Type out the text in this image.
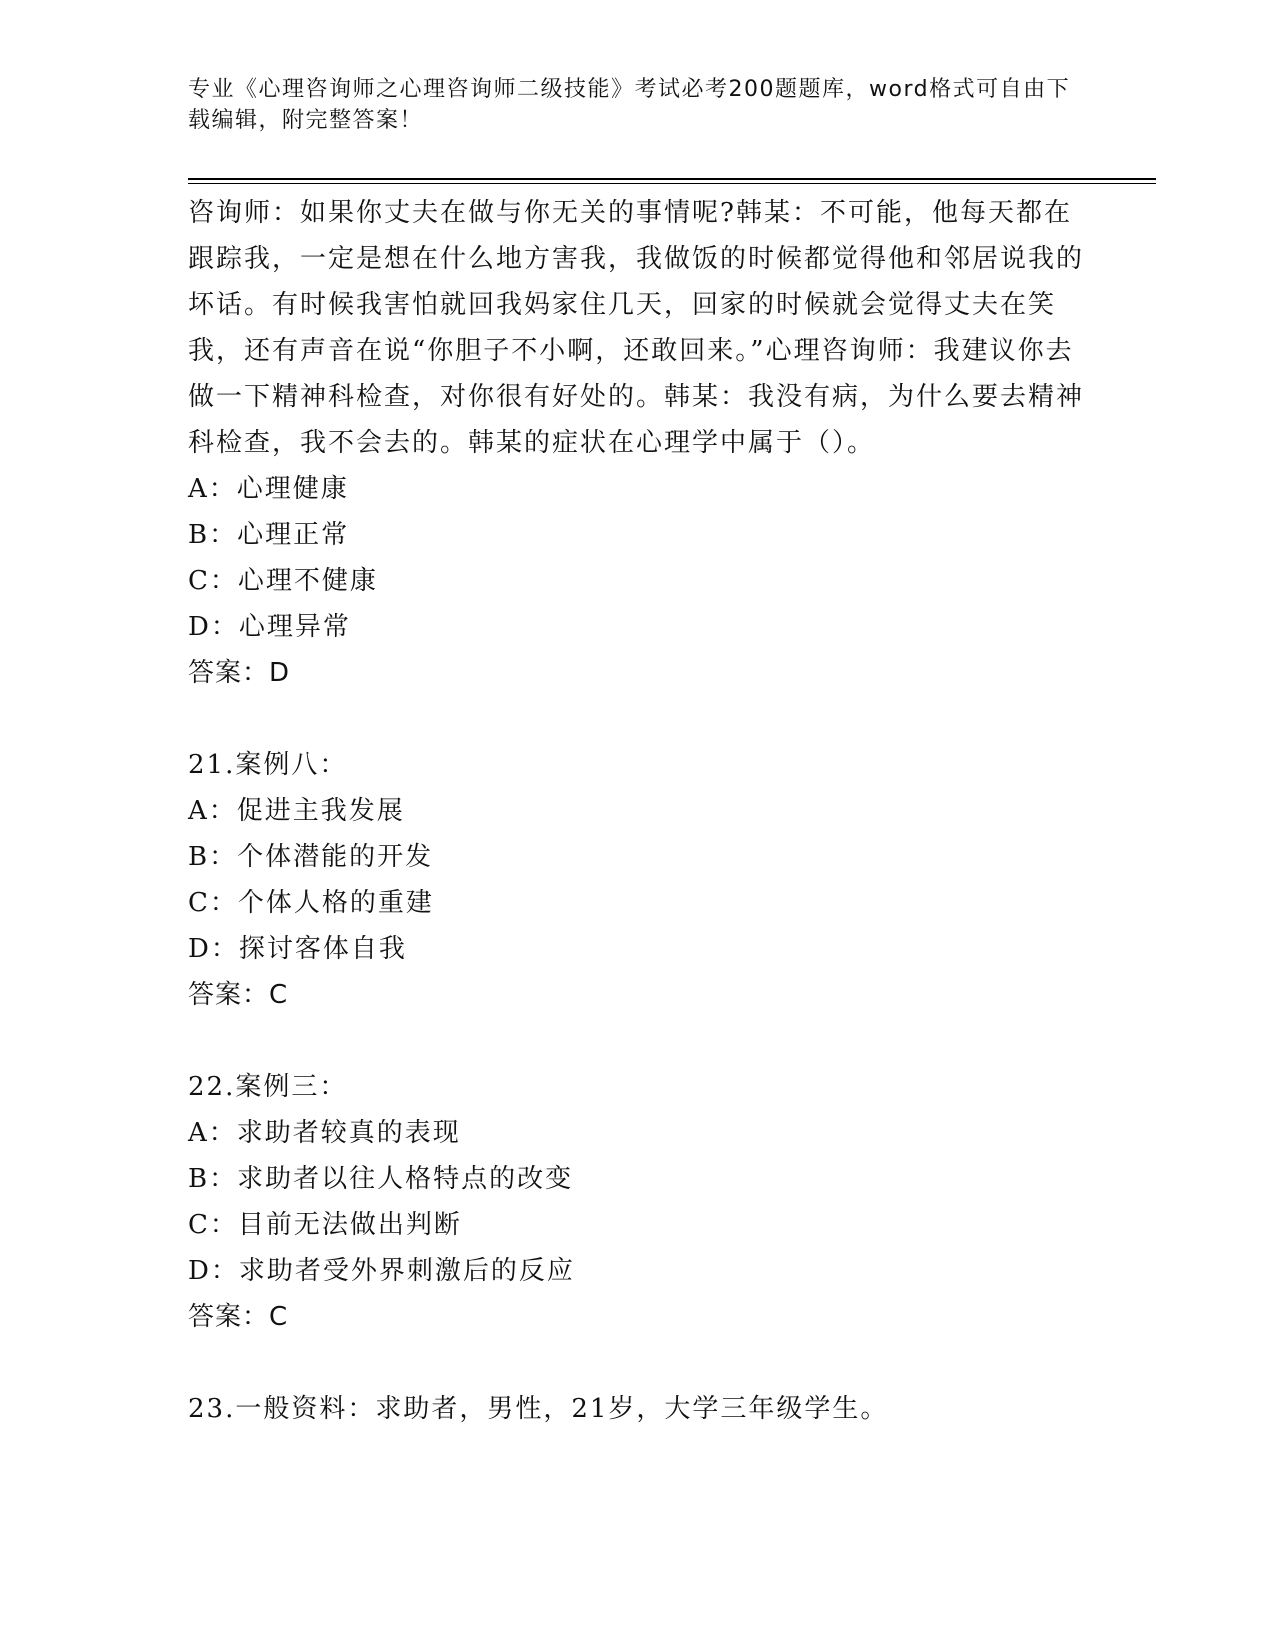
专业《心理咨询师之心理咨询师二级技能》考试必考200题题库，word格式可自由下载编辑，附完整答案！

咨询师：如果你丈夫在做与你无关的事情呢?韩某：不可能，他每天都在跟踪我，一定是想在什么地方害我，我做饭的时候都觉得他和邻居说我的坏话。有时候我害怕就回我妈家住几天，回家的时候就会觉得丈夫在笑我，还有声音在说“你胆子不小啊，还敢回来。”心理咨询师：我建议你去做一下精神科检查，对你很有好处的。韩某：我没有病，为什么要去精神科检查，我不会去的。韩某的症状在心理学中属于（）。

A：心理健康

B：心理正常

C：心理不健康

D：心理异常

答案：D

21.案例八：

A：促进主我发展

B：个体潜能的开发

C：个体人格的重建

D：探讨客体自我

答案：C

22.案例三：

A：求助者较真的表现

B：求助者以往人格特点的改变

C：目前无法做出判断

D：求助者受外界刺激后的反应

答案：C

23.一般资料：求助者，男性，21岁，大学三年级学生。
